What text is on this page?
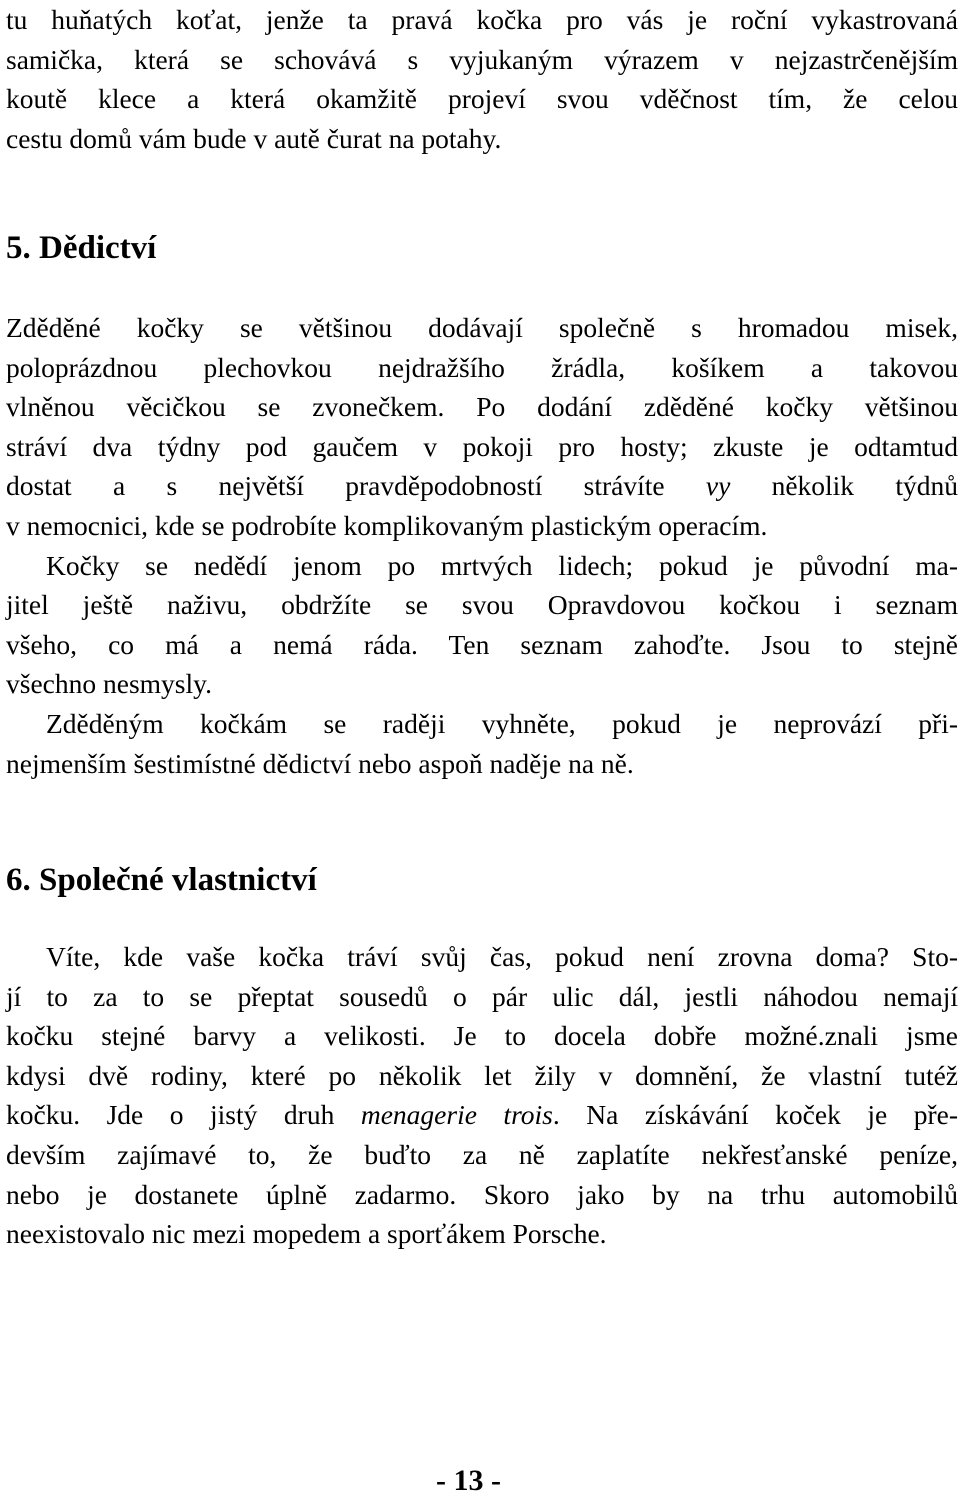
tu huňatých koťat, jenže ta pravá kočka pro vás je roční vykastrovaná
samička, která se schovává s vyjukaným výrazem v nejzastrčenějším
koutě klece a která okamžitě projeví svou vděčnost tím, že celou
cestu domů vám bude v autě čurat na potahy.

5. Dědictví

Zděděné kočky se většinou dodávají společně s hromadou misek,
poloprázdnou plechovkou nejdražšího žrádla, košíkem a takovou
vlněnou věcičkou se zvonečkem. Po dodání zděděné kočky většinou
stráví dva týdny pod gaučem v pokoji pro hosty; zkuste je odtamtud
dostat a s největší pravděpodobností strávíte vy několik týdnů
v nemocnici, kde se podrobíte komplikovaným plastickým operacím.

Kočky se nedědí jenom po mrtvých lidech; pokud je původní ma-
jitel ještě naživu, obdržíte se svou Opravdovou kočkou i seznam
všeho, co má a nemá ráda. Ten seznam zahoďte. Jsou to stejně
všechno nesmysly.

Zděděným kočkám se raději vyhněte, pokud je neprovází při-
nejmenším šestimístné dědictví nebo aspoň naděje na ně.

6. Společné vlastnictví

Víte, kde vaše kočka tráví svůj čas, pokud není zrovna doma? Sto-
jí to za to se přeptat sousedů o pár ulic dál, jestli náhodou nemají
kočku stejné barvy a velikosti. Je to docela dobře možné.znali jsme
kdysi dvě rodiny, které po několik let žily v domnění, že vlastní tutéž
kočku. Jde o jistý druh menagerie trois. Na získávání koček je pře-
devším zajímavé to, že buďto za ně zaplatíte nekřesťanské peníze,
nebo je dostanete úplně zadarmo. Skoro jako by na trhu automobilů
neexistovalo nic mezi mopedem a sporťákem Porsche.

- 13 -
